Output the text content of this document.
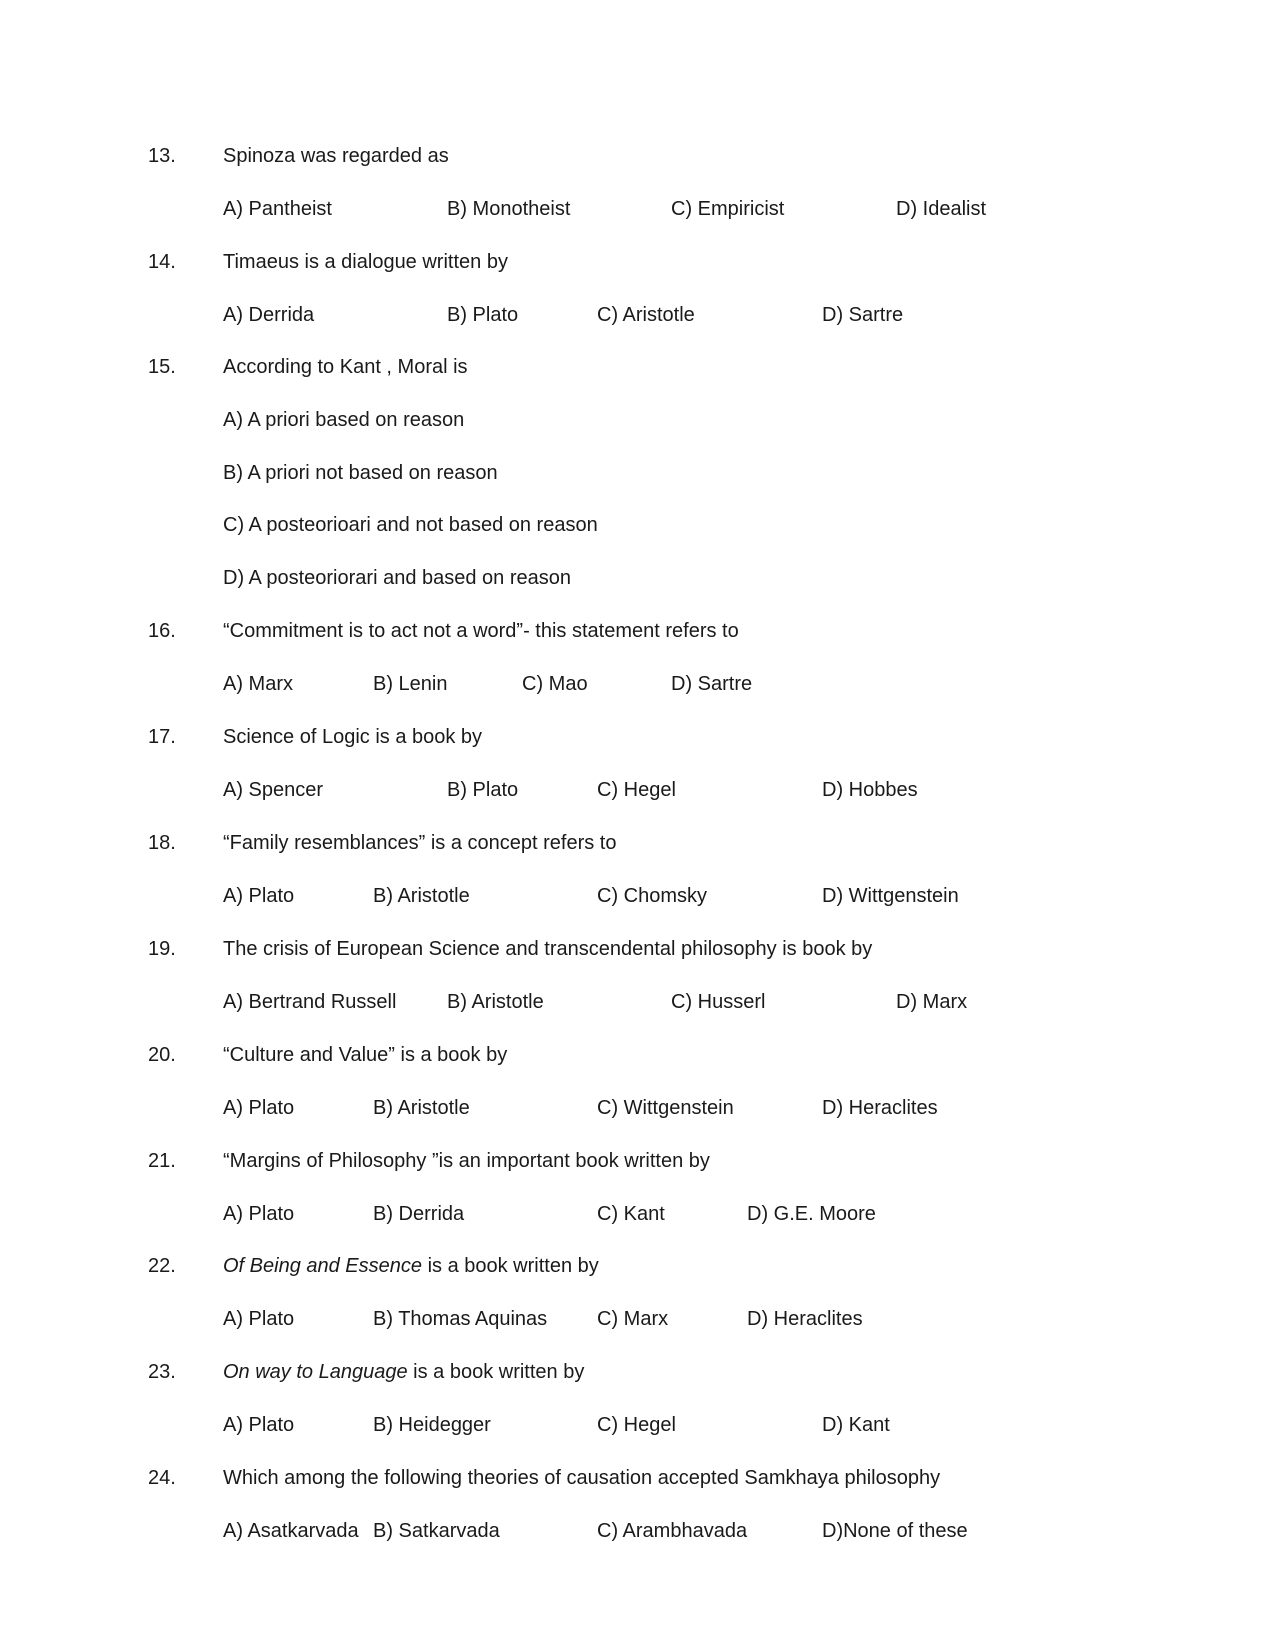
13. Spinoza was regarded as
A) Pantheist	B) Monotheist	C) Empiricist	D) Idealist
14. Timaeus is a dialogue written by
A) Derrida	B) Plato	C) Aristotle	D) Sartre
15. According to Kant , Moral is
A) A priori based on reason
B) A priori not based on reason
C) A posteorioari and not based on reason
D) A posteoriorari and based on reason
16. “Commitment is to act not a word”- this statement refers to
A) Marx	B) Lenin	C) Mao	D) Sartre
17. Science of Logic is a book by
A) Spencer	B) Plato	C) Hegel	D) Hobbes
18. “Family resemblances” is a concept refers to
A) Plato	B) Aristotle	C) Chomsky	D) Wittgenstein
19. The crisis of European Science and transcendental philosophy is book by
A) Bertrand Russell	B) Aristotle	C) Husserl	D) Marx
20. “Culture and Value” is a book by
A) Plato	B) Aristotle	C) Wittgenstein	D) Heraclites
21. “Margins of Philosophy ”is an important book written by
A) Plato	B) Derrida	C) Kant	D) G.E. Moore
22. Of Being and Essence is a book written by
A) Plato	B) Thomas Aquinas C) Marx	D) Heraclites
23. On way to Language is a book written by
A) Plato	B) Heidegger	C) Hegel	D) Kant
24. Which among the following theories of causation accepted Samkhaya philosophy
A) Asatkarvada B) Satkarvada	C) Arambhavada	D)None of these
